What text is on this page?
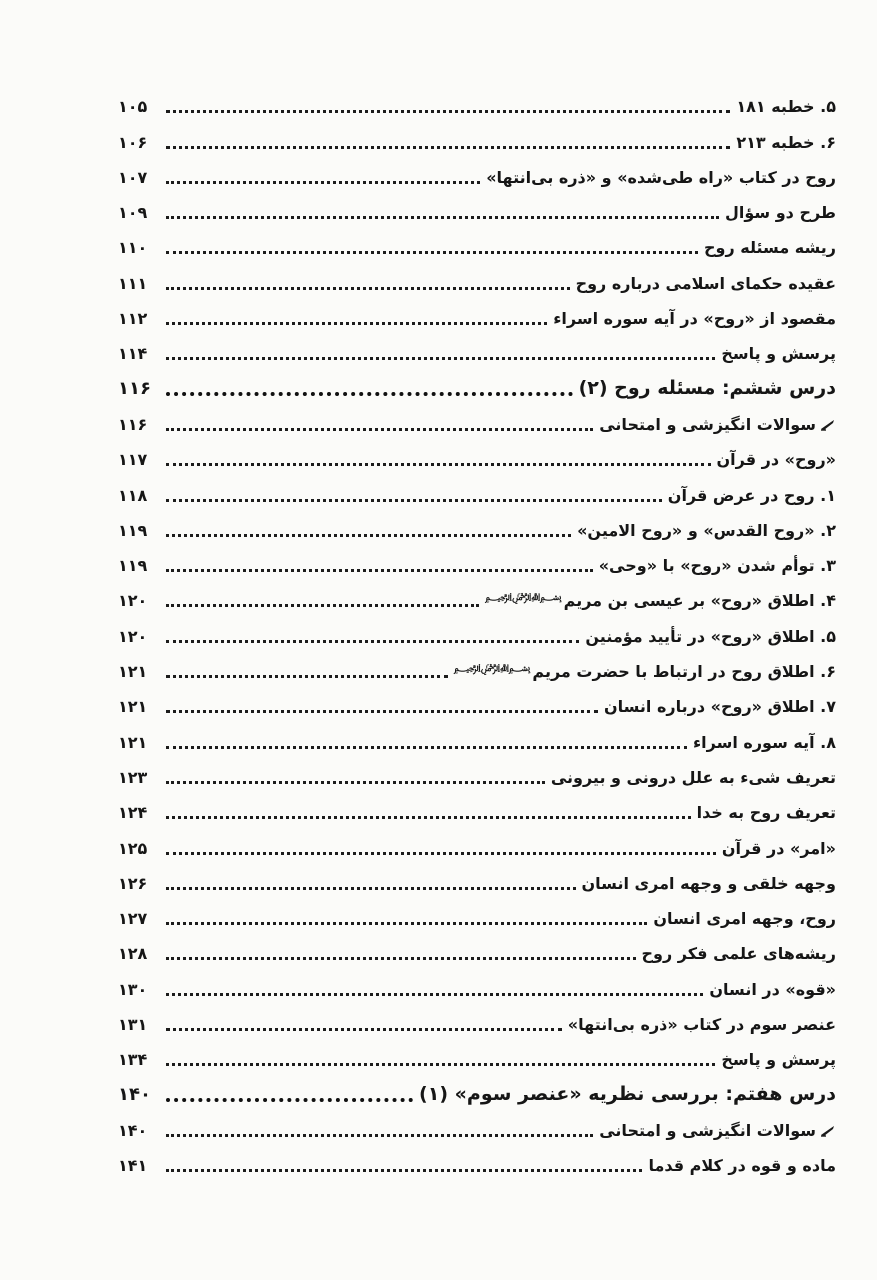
۵. خطبه ۱۸۱
۱۰۵
۶. خطبه ۲۱۳
۱۰۶
روح در کتاب «راه طی‌شده» و «ذره بی‌انتها»
۱۰۷
طرح دو سؤال
۱۰۹
ریشه مسئله روح
۱۱۰
عقیده حکمای اسلامی درباره روح
۱۱۱
مقصود از «روح» در آیه سوره اسراء
۱۱۲
پرسش و پاسخ
۱۱۴
درس ششم: مسئله روح (۲)
۱۱۶
سوالات انگیزشی و امتحانی
۱۱۶
«روح» در قرآن
۱۱۷
۱. روح در عرض قرآن
۱۱۸
۲. «روح القدس» و «روح الامین»
۱۱۹
۳. توأم شدن «روح» با «وحی»
۱۱۹
۴. اطلاق «روح» بر عیسی بن مریم﷽
۱۲۰
۵. اطلاق «روح» در تأیید مؤمنین
۱۲۰
۶. اطلاق روح در ارتباط با حضرت مریم﷽
۱۲۱
۷. اطلاق «روح» درباره انسان
۱۲۱
۸. آیه سوره اسراء
۱۲۱
تعریف شیء به علل درونی و بیرونی
۱۲۳
تعریف روح به خدا
۱۲۴
«امر» در قرآن
۱۲۵
وجهه خلقی و وجهه امری انسان
۱۲۶
روح، وجهه امری انسان
۱۲۷
ریشه‌های علمی فکر روح
۱۲۸
«قوه» در انسان
۱۳۰
عنصر سوم در کتاب «ذره بی‌انتها»
۱۳۱
پرسش و پاسخ
۱۳۴
درس هفتم: بررسی نظریه «عنصر سوم» (۱)
۱۴۰
سوالات انگیزشی و امتحانی
۱۴۰
ماده و قوه در کلام قدما
۱۴۱
